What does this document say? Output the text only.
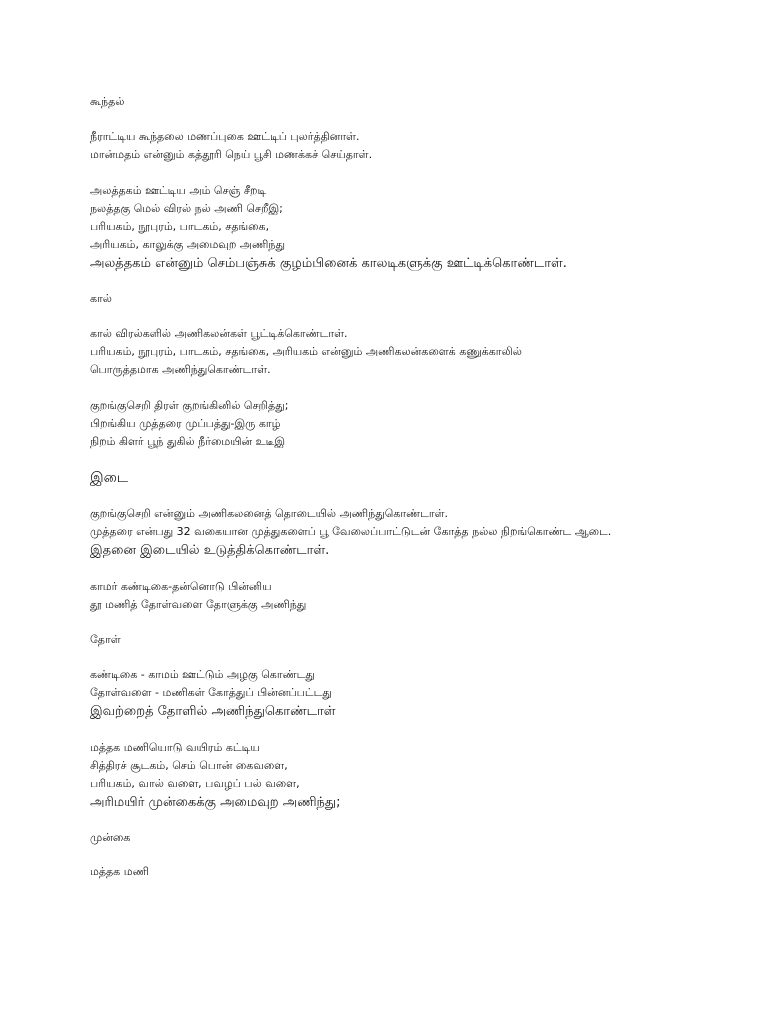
கூந்தல்
நீராட்டிய கூந்தலை மணப்புகை ஊட்டிப் புலர்த்தினாள்.
மான்மதம் என்னும் கத்தூரி நெய் பூசி மணக்கச் செய்தாள்.
அலத்தகம் ஊட்டிய அம் செஞ் சீறடி
நலத்தகு மெல் விரல் நல் அணி செறீஇ;
பரியகம், நூபுரம், பாடகம், சதங்கை,
அரியகம், காலுக்கு அமைவுற அணிந்து
அலத்தகம் என்னும் செம்பஞ்சுக் குழம்பினைக் காலடிகளுக்கு ஊட்டிக்கொண்டாள்.
கால்
கால் விரல்களில் அணிகலன்கள் பூட்டிக்கொண்டாள்.
பரியகம், நூபுரம், பாடகம், சதங்கை, அரியகம் என்னும் அணிகலன்களைக் கணுக்காலில்
பொருத்தமாக அணிந்துகொண்டாள்.
குறங்குசெறி திரள் குறங்கினில் செறித்து;
பிறங்கிய முத்தரை முப்பத்து-இரு காழ்
நிறம் கிளர் பூந் துகில் நீர்மையின் உடீஇ
இடை
குறங்குசெறி என்னும் அணிகலனைத் தொடையில் அணிந்துகொண்டாள்.
முத்தரை என்பது 32 வகையான முத்துகளைப் பூ வேலைப்பாட்டுடன் கோத்த நல்ல நிறங்கொண்ட ஆடை.
இதனை இடையில் உடுத்திக்கொண்டாள்.
காமர் கண்டிகை-தன்னொடு பின்னிய
தூ மணித் தோள்வளை தோளுக்கு அணிந்து
தோள்
கண்டிகை - காமம் ஊட்டும் அழகு கொண்டது
தோள்வளை - மணிகள் கோத்துப் பின்னப்பட்டது
இவற்றைத் தோளில் அணிந்துகொண்டாள்
மத்தக மணியொடு வயிரம் கட்டிய
சித்திரச் சூடகம், செம் பொன் கைவளை,
பரியகம், வால் வளை, பவழப் பல் வளை,
அரிமயிர் முன்கைக்கு அமைவுற அணிந்து;
முன்கை
மத்தக மணி
